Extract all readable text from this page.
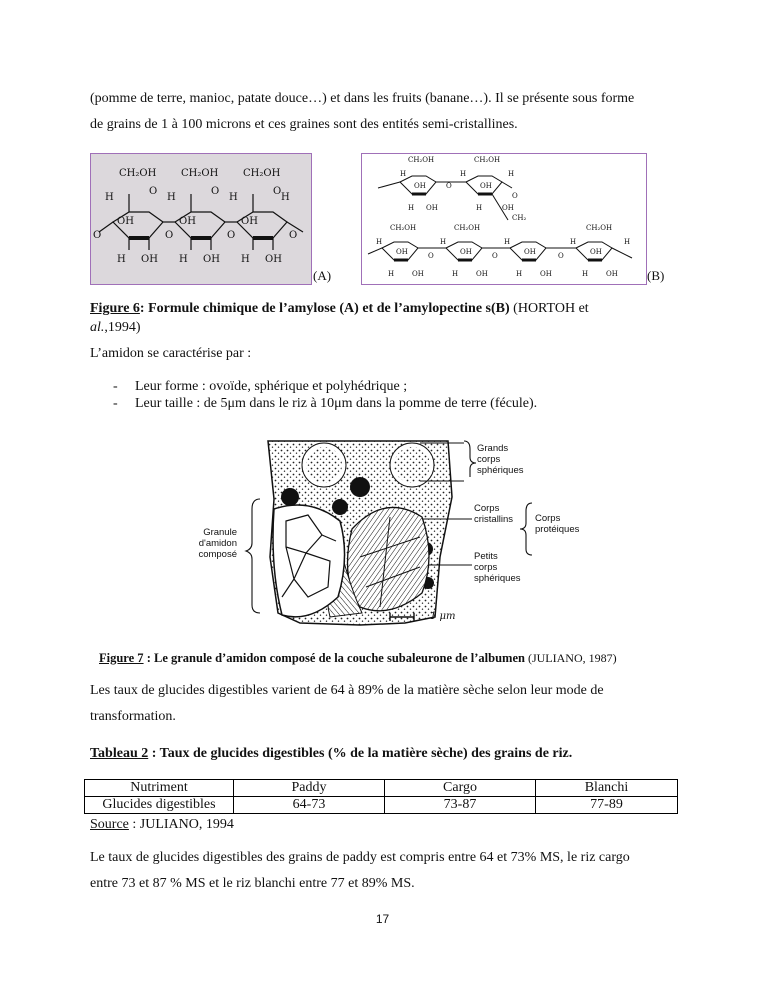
(pomme de terre, manioc, patate douce…) et dans les fruits (banane…). Il se présente sous forme
de grains de 1 à 100 microns et ces graines sont des entités semi-cristallines.
CH₂OH CH₂OH CH₂OH
O	O	O
H	H	H	H
OH	OH	OH
O	O	O	O
H OH H OH H OH
(A)
CH₂OH	CH₂OH
H	H	H
OH	OH
O
O
H OH	H	OH
CH₂
CH₂OH	CH₂OH	CH₂OH
H	H	H	H	H
OH	OH	OH	OH
O	O	O
H	OH	H	OH	H	OH	H	OH (B)
Figure 6: Formule chimique de l’amylose (A) et de l’amylopectine s(B) (HORTOH et
al.,1994)
L’amidon se caractérise par :
- Leur forme : ovoïde, sphérique et polyhédrique ;
- Leur taille : de 5μm dans le riz à 10μm dans la pomme de terre (fécule).
Granule
d'amidon
composé
Grands
corps
sphériques
Corps
cristallins Corps
protéiques
Petits
corps
sphériques
1 μm
Figure 7 : Le granule d’amidon composé de la couche subaleurone de l’albumen (JULIANO, 1987)
Les taux de glucides digestibles varient de 64 à 89% de la matière sèche selon leur mode de
transformation.
Tableau 2 : Taux de glucides digestibles (% de la matière sèche) des grains de riz.
Nutriment	Paddy	Cargo	Blanchi
Glucides digestibles	64-73	73-87	77-89
Source : JULIANO, 1994
Le taux de glucides digestibles des grains de paddy est compris entre 64 et 73% MS, le riz cargo
entre 73 et 87 % MS et le riz blanchi entre 77 et 89% MS.
17
